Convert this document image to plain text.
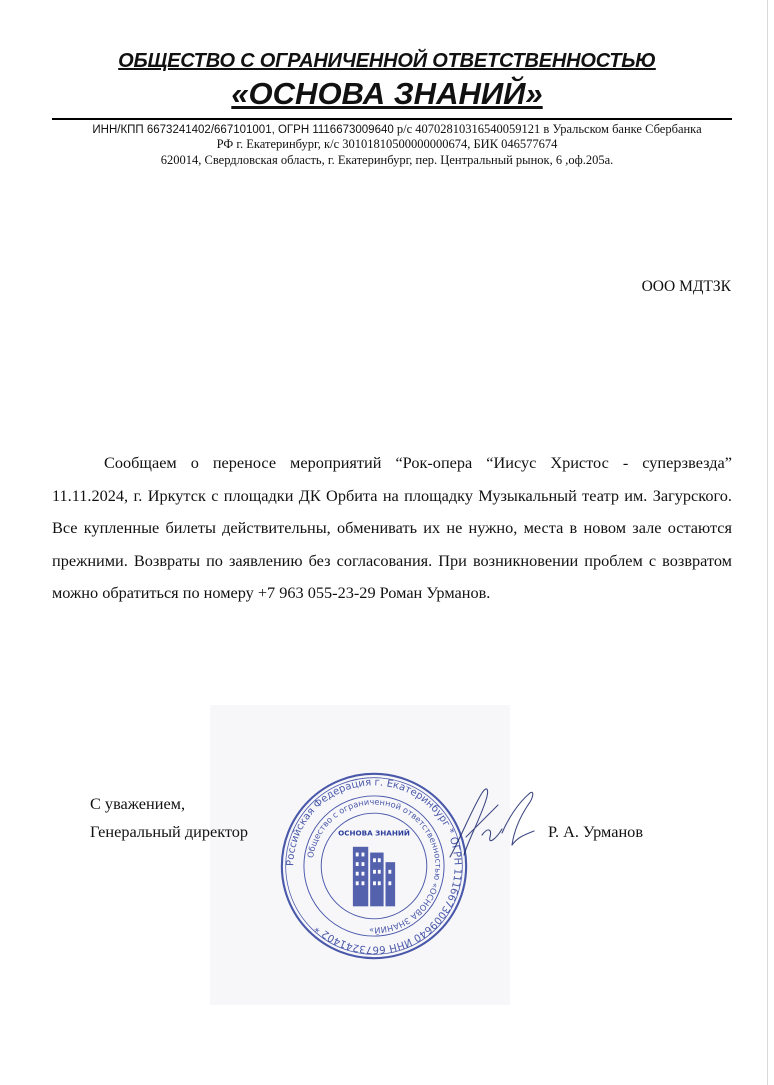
ОБЩЕСТВО С ОГРАНИЧЕННОЙ ОТВЕТСТВЕННОСТЬЮ
«ОСНОВА ЗНАНИЙ»
ИНН/КПП 6673241402/667101001, ОГРН 1116673009640 р/с 40702810316540059121 в Уральском банке Сбербанка
РФ г. Екатеринбург, к/с 30101810500000000674, БИК 046577674
620014, Свердловская область, г. Екатеринбург, пер. Центральный рынок, 6 ,оф.205а.
ООО МДТЗК

Сообщаем о переносе мероприятий “Рок-опера “Иисус Христос - суперзвезда” 11.11.2024, г. Иркутск с площадки ДК Орбита на площадку Музыкальный театр им. Загурского. Все купленные билеты действительны, обменивать их не нужно, места в новом зале остаются прежними. Возвраты по заявлению без согласования. При возникновении проблем с возвратом можно обратиться по номеру +7 963 055-23-29 Роман Урманов.

С уважением,
Генеральный директор	Р. А. Урманов
Российская Федерация г. Екатеринбург * ОГРН 1116673009640 ИНН 6673241402 *
Общество с ограниченной ответственностью «ОСНОВА ЗНАНИЙ»
ОСНОВА ЗНАНИЙ
